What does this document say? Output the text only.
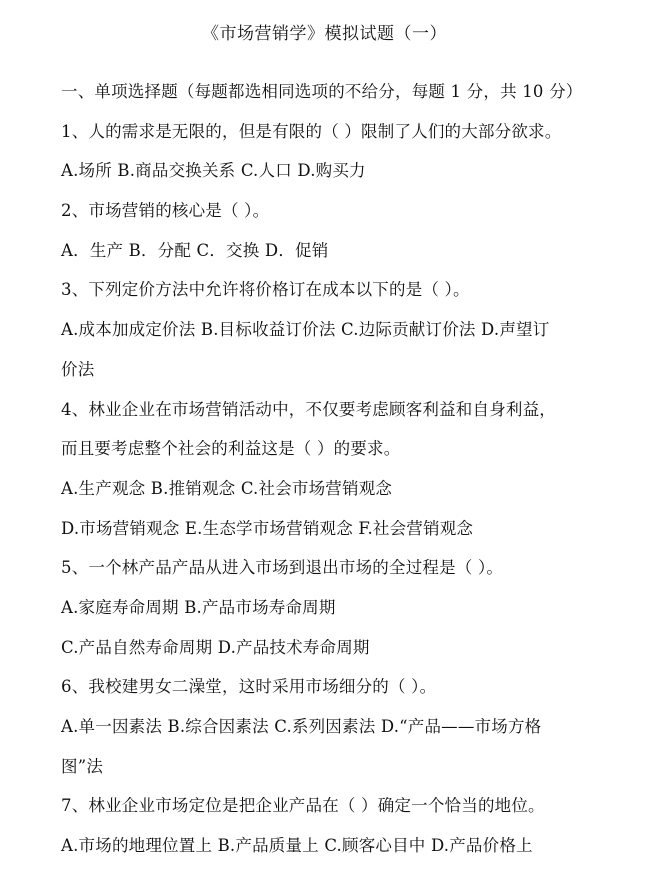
《市场营销学》模拟试题（一）
一、单项选择题（每题都选相同选项的不给分，每题 1 分，共 10 分）
1、人的需求是无限的，但是有限的（ ）限制了人们的大部分欲求。
A.场所 B.商品交换关系 C.人口 D.购买力
2、市场营销的核心是（ ）。
A．生产 B．分配 C．交换 D．促销
3、下列定价方法中允许将价格订在成本以下的是（ ）。
A.成本加成定价法 B.目标收益订价法 C.边际贡献订价法 D.声望订
价法
4、林业企业在市场营销活动中，不仅要考虑顾客利益和自身利益，
而且要考虑整个社会的利益这是（ ）的要求。
A.生产观念 B.推销观念 C.社会市场营销观念
D.市场营销观念 E.生态学市场营销观念 F.社会营销观念
5、一个林产品产品从进入市场到退出市场的全过程是（ ）。
A.家庭寿命周期 B.产品市场寿命周期
C.产品自然寿命周期 D.产品技术寿命周期
6、我校建男女二澡堂，这时采用市场细分的（ ）。
A.单一因素法 B.综合因素法 C.系列因素法 D.“产品——市场方格
图”法
7、林业企业市场定位是把企业产品在（ ）确定一个恰当的地位。
A.市场的地理位置上 B.产品质量上 C.顾客心目中 D.产品价格上
